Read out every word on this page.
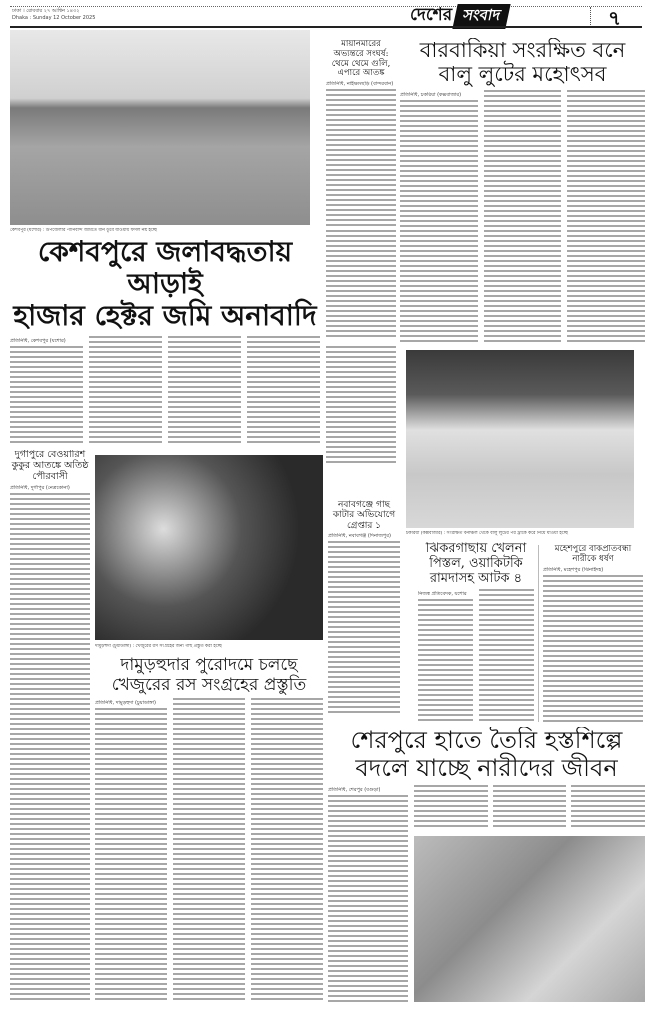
ঢাকা । রোববার ২৭ আশ্বিন ১৪৩২
Dhaka : Sunday 12 October 2025	দেশের সংবাদ	৭
কেশবপুর (যশোর) : উপজেলার পানিবন্দি জমিতে ধান ডুবে যাওয়ায় ফসল নষ্ট হচ্ছে
মায়ানমারের অভ্যন্তরে সংঘর্ষ: থেমে থেমে গুলি, এপারে আতঙ্ক
প্রতিনিধি, নাইক্ষ্যংছড়ি (বান্দরবান)
বারবাকিয়া সংরক্ষিত বনে
বালু লুটের মহোৎসব
প্রতিনিধি, চকরিয়া (কক্সবাজার)
কেশবপুরে জলাবদ্ধতায় আড়াই
হাজার হেক্টর জমি অনাবাদি
প্রতিনিধি, কেশবপুর (যশোর)
চকরিয়া (কক্সবাজার) : সংরক্ষিত বনাঞ্চল থেকে বালু লুটের পর ট্রাকে করে নিয়ে যাওয়া হচ্ছে
দুর্গাপুরে বেওয়ারিশ কুকুর আতঙ্কে অতিষ্ঠ পৌরবাসী
প্রতিনিধি, দুর্গাপুর (নেত্রকোনা)
দামুড়হুদা (চুয়াডাঙ্গা) : খেজুরের রস সংগ্রহের জন্য গাছ প্রস্তুত করা হচ্ছে
নবাবগঞ্জে গাছ কাটার অভিযোগে গ্রেপ্তার ১
প্রতিনিধি, নবাবগঞ্জ (দিনাজপুর)
দামুড়হুদার পুরোদমে চলছে
খেজুরের রস সংগ্রহের প্রস্তুতি
প্রতিনিধি, দামুড়হুদা (চুয়াডাঙ্গা)
ঝিকরগাছায় খেলনা পিস্তল, ওয়াকিটকি রামদাসহ আটক ৪
নিজস্ব প্রতিবেদক, যশোর
মহেশপুরে বাকপ্রতিবন্ধী নারীকে ধর্ষণ
প্রতিনিধি, মহেশপুর (ঝিনাইদহ)
শেরপুরে হাতে তৈরি হস্তশিল্পে
বদলে যাচ্ছে নারীদের জীবন
প্রতিনিধি, শেরপুর (বগুড়া)
